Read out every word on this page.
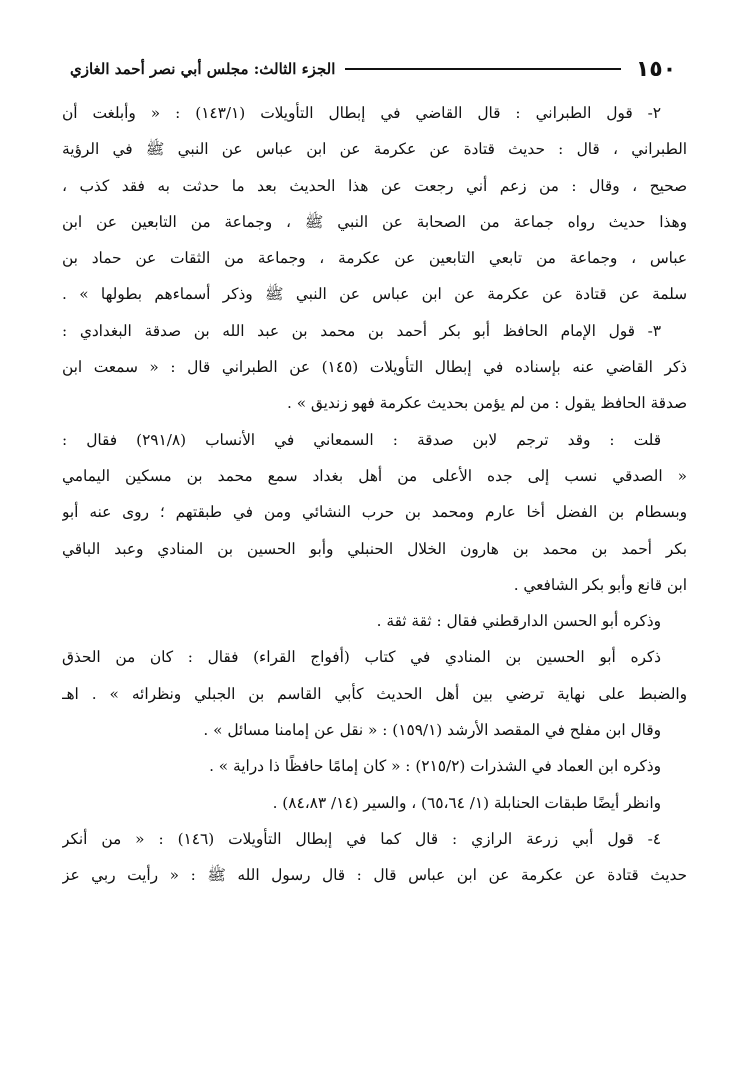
الجزء الثالث: مجلس أبي نصر أحمد الغازي	١٥٠
٢- قول الطبراني : قال القاضي في إبطال التأويلات (١٤٣/١) : « وأبلغت أن
الطبراني ، قال : حديث قتادة عن عكرمة عن ابن عباس عن النبي ﷺ في الرؤية
صحيح ، وقال : من زعم أني رجعت عن هذا الحديث بعد ما حدثت به فقد كذب ،
وهذا حديث رواه جماعة من الصحابة عن النبي ﷺ ، وجماعة من التابعين عن ابن
عباس ، وجماعة من تابعي التابعين عن عكرمة ، وجماعة من الثقات عن حماد بن
سلمة عن قتادة عن عكرمة عن ابن عباس عن النبي ﷺ وذكر أسماءهم بطولها » .
٣- قول الإمام الحافظ أبو بكر أحمد بن محمد بن عبد الله بن صدقة البغدادي :
ذكر القاضي عنه بإسناده في إبطال التأويلات (١٤٥) عن الطبراني قال : « سمعت ابن
صدقة الحافظ يقول : من لم يؤمن بحديث عكرمة فهو زنديق » .
قلت : وقد ترجم لابن صدقة : السمعاني في الأنساب (٢٩١/٨) فقال :
« الصدقي نسب إلى جده الأعلى من أهل بغداد سمع محمد بن مسكين اليمامي
وبسطام بن الفضل أخا عارم ومحمد بن حرب النشائي ومن في طبقتهم ؛ روى عنه أبو
بكر أحمد بن محمد بن هارون الخلال الحنبلي وأبو الحسين بن المنادي وعبد الباقي
ابن قانع وأبو بكر الشافعي .
وذكره أبو الحسن الدارقطني فقال : ثقة ثقة .
ذكره أبو الحسين بن المنادي في كتاب (أفواج القراء) فقال : كان من الحذق
والضبط على نهاية ترضي بين أهل الحديث كأبي القاسم بن الجبلي ونظرائه » . اهـ
وقال ابن مفلح في المقصد الأرشد (١٥٩/١) : « نقل عن إمامنا مسائل » .
وذكره ابن العماد في الشذرات (٢١٥/٢) : « كان إمامًا حافظًا ذا دراية » .
وانظر أيضًا طبقات الحنابلة (١/ ٦٥،٦٤) ، والسير (١٤/ ٨٤،٨٣) .
٤- قول أبي زرعة الرازي : قال كما في إبطال التأويلات (١٤٦) : « من أنكر
حديث قتادة عن عكرمة عن ابن عباس قال : قال رسول الله ﷺ : « رأيت ربي عز
